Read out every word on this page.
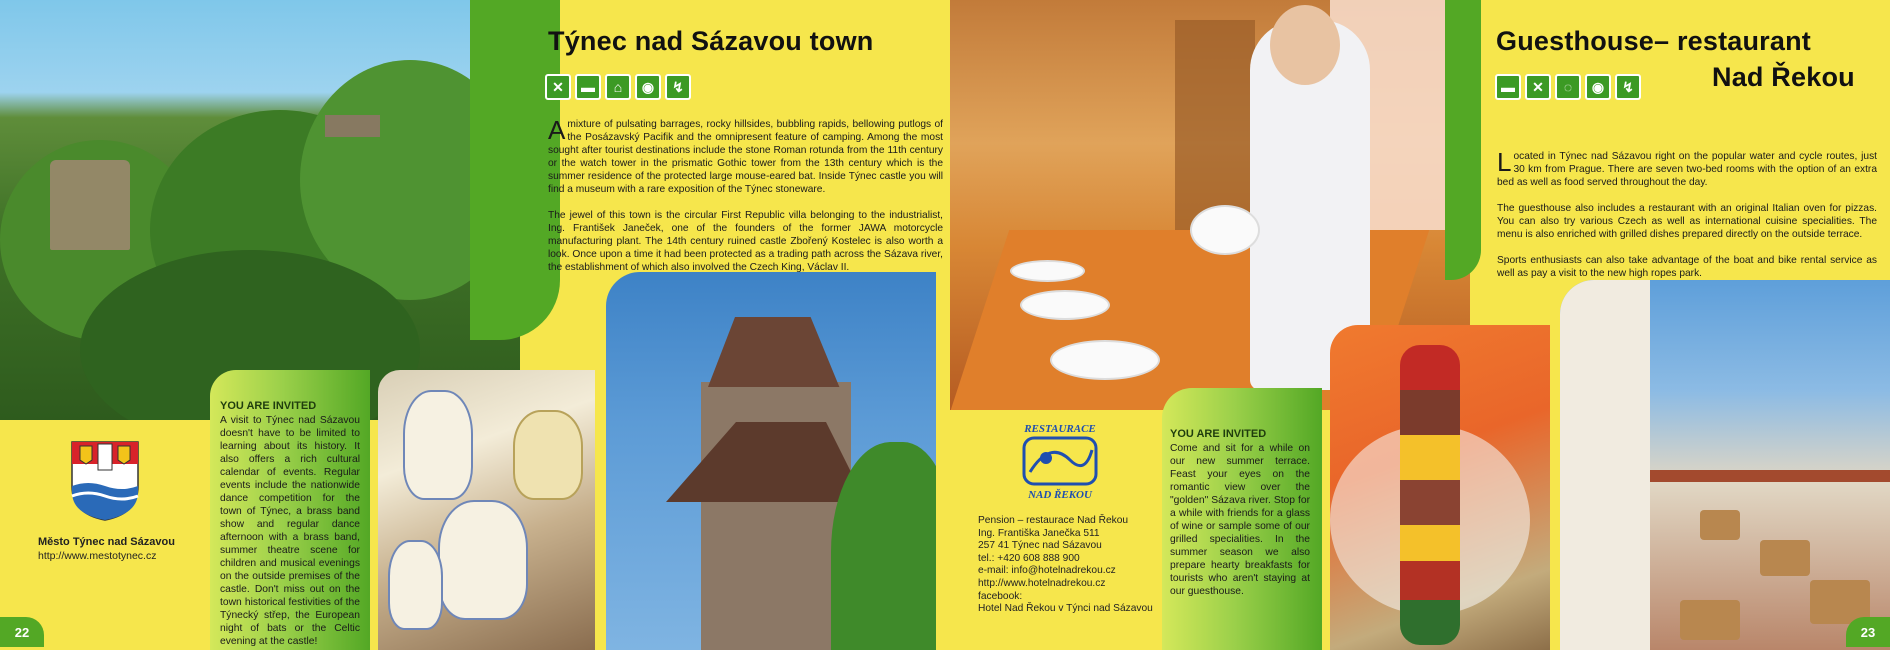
Týnec nad Sázavou town
✕	▬	⌂	◉	↯

A mixture of pulsating barrages, rocky hillsides, bubbling rapids, bellowing putlogs of the Posázavský Pacifik and the omnipresent feature of camping. Among the most sought after tourist destinations include the stone Roman rotunda from the 11th century or the watch tower in the prismatic Gothic tower from the 13th century which is the summer residence of the protected large mouse-eared bat. Inside Týnec castle you will find a museum with a rare exposition of the Týnec stoneware.

The jewel of this town is the circular First Republic villa belonging to the industrialist, Ing. František Janeček, one of the founders of the former JAWA motorcycle manufacturing plant. The 14th century ruined castle Zbořený Kostelec is also worth a look. Once upon a time it had been protected as a trading path across the Sázava river, the establishment of which also involved the Czech King, Václav II.

YOU ARE INVITED
A visit to Týnec nad Sázavou doesn't have to be limited to learning about its history. It also offers a rich cultural calendar of events. Regular events include the nationwide dance competition for the town of Týnec, a brass band show and regular dance afternoon with a brass band, summer theatre scene for children and musical evenings on the outside premises of the castle. Don't miss out on the town historical festivities of the Týnecký střep, the European night of bats or the Celtic evening at the castle!
Město Týnec nad Sázavou
http://www.mestotynec.cz
22
Guesthouse– restaurant
Nad Řekou
▬	✕	◌	◉	↯

Located in Týnec nad Sázavou right on the popular water and cycle routes, just 30 km from Prague. There are seven two-bed rooms with the option of an extra bed as well as food served throughout the day.

The guesthouse also includes a restaurant with an original Italian oven for pizzas. You can also try various Czech as well as international cuisine specialities. The menu is also enriched with grilled dishes prepared directly on the outside terrace.

Sports enthusiasts can also take advantage of the boat and bike rental service as well as pay a visit to the new high ropes park.

RESTAURACE
NAD ŘEKOU
Pension – restaurace Nad Řekou
Ing. Františka Janečka 511
257 41 Týnec nad Sázavou
tel.: +420 608 888 900
e-mail: info@hotelnadrekou.cz
http://www.hotelnadrekou.cz
facebook:
Hotel Nad Řekou v Týnci nad Sázavou
YOU ARE INVITED
Come and sit for a while on our new summer terrace. Feast your eyes on the romantic view over the "golden" Sázava river. Stop for a while with friends for a glass of wine or sample some of our grilled specialities. In the summer season we also prepare hearty breakfasts for tourists who aren't staying at our guesthouse.
23
